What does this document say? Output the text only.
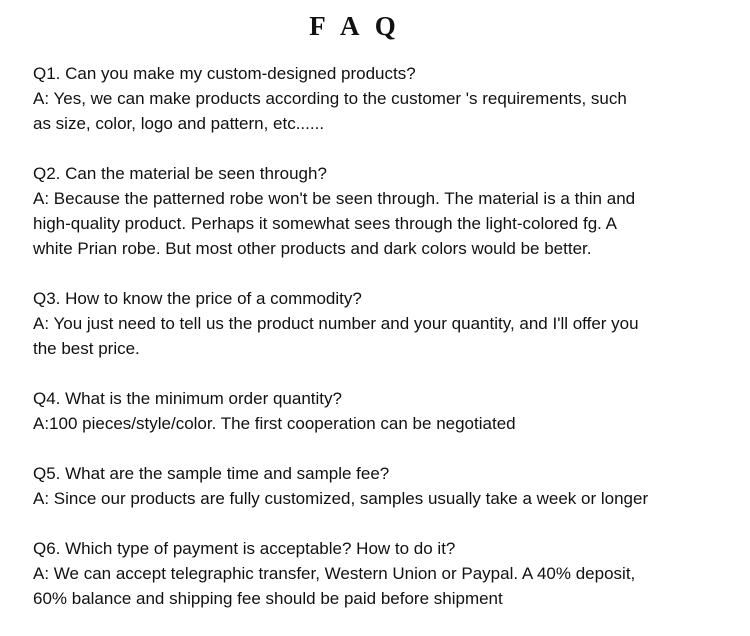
F A Q
Q1. Can you make my custom-designed products?
A: Yes, we can make products according to the customer 's requirements, such
as size, color, logo and pattern, etc......
Q2. Can the material be seen through?
A: Because the patterned robe won't be seen through. The material is a thin and
high-quality product. Perhaps it somewhat sees through the light-colored fg. A
white Prian robe. But most other products and dark colors would be better.
Q3. How to know the price of a commodity?
A: You just need to tell us the product number and your quantity, and I'll offer you
the best price.
Q4. What is the minimum order quantity?
A:100 pieces/style/color. The first cooperation can be negotiated
Q5. What are the sample time and sample fee?
A: Since our products are fully customized, samples usually take a week or longer
Q6. Which type of payment is acceptable? How to do it?
A: We can accept telegraphic transfer, Western Union or Paypal. A 40% deposit,
60% balance and shipping fee should be paid before shipment
